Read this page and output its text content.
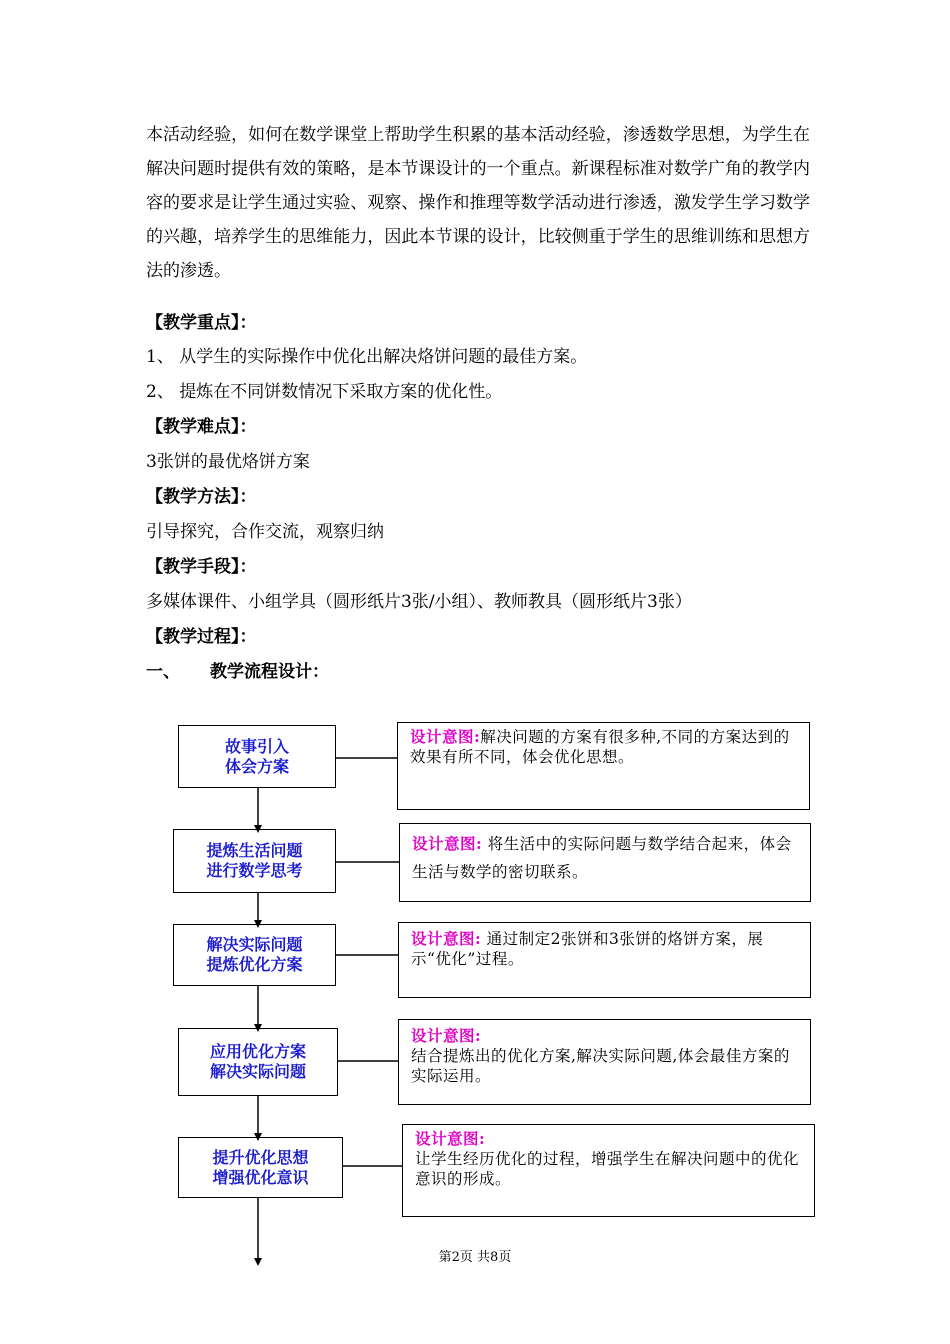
本活动经验，如何在数学课堂上帮助学生积累的基本活动经验，渗透数学思想，为学生在解决问题时提供有效的策略，是本节课设计的一个重点。新课程标准对数学广角的教学内容的要求是让学生通过实验、观察、操作和推理等数学活动进行渗透，激发学生学习数学的兴趣，培养学生的思维能力，因此本节课的设计，比较侧重于学生的思维训练和思想方法的渗透。

【教学重点】：
1、 从学生的实际操作中优化出解决烙饼问题的最佳方案。
2、 提炼在不同饼数情况下采取方案的优化性。
【教学难点】：
3张饼的最优烙饼方案
【教学方法】：
引导探究，合作交流，观察归纳
【教学手段】：
多媒体课件、小组学具（圆形纸片3张/小组）、教师教具（圆形纸片3张）
【教学过程】：
一、 教学流程设计：
故事引入
体会方案
提炼生活问题
进行数学思考
解决实际问题
提炼优化方案
应用优化方案
解决实际问题
提升优化思想
增强优化意识
设计意图:解决问题的方案有很多种,不同的方案达到的效果有所不同，体会优化思想。
设计意图: 将生活中的实际问题与数学结合起来，体会生活与数学的密切联系。
设计意图: 通过制定2张饼和3张饼的烙饼方案，展示“优化”过程。
设计意图:
结合提炼出的优化方案,解决实际问题,体会最佳方案的实际运用。
设计意图:
让学生经历优化的过程，增强学生在解决问题中的优化意识的形成。
第2页 共8页
